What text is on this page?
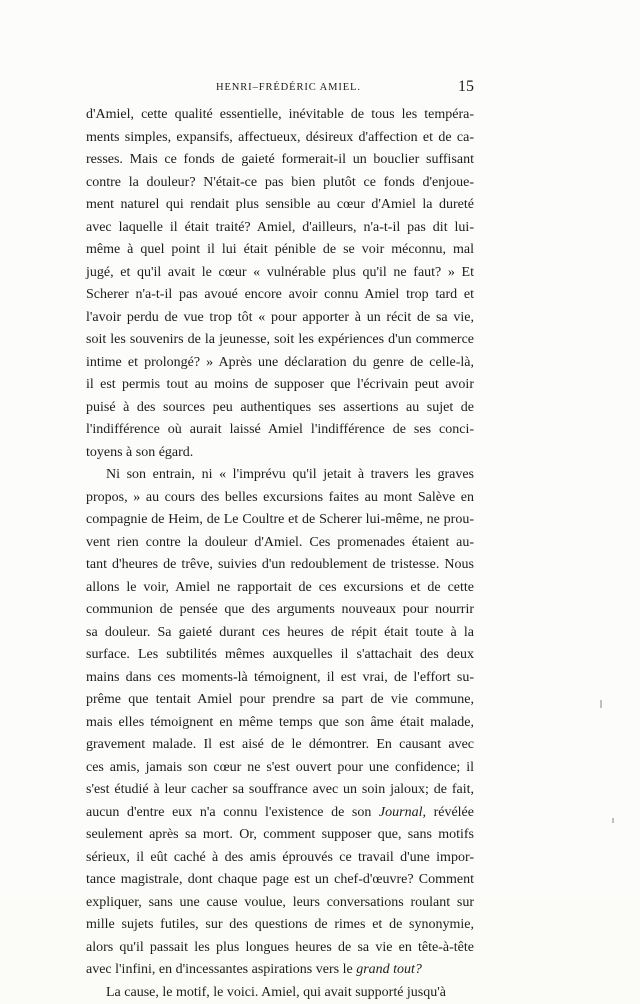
HENRI–FRÉDÉRIC AMIEL.	15
d'Amiel, cette qualité essentielle, inévitable de tous les tempéra-
ments simples, expansifs, affectueux, désireux d'affection et de ca-
resses. Mais ce fonds de gaieté formerait-il un bouclier suffisant
contre la douleur? N'était-ce pas bien plutôt ce fonds d'enjoue-
ment naturel qui rendait plus sensible au cœur d'Amiel la dureté
avec laquelle il était traité? Amiel, d'ailleurs, n'a-t-il pas dit lui-
même à quel point il lui était pénible de se voir méconnu, mal
jugé, et qu'il avait le cœur « vulnérable plus qu'il ne faut? » Et
Scherer n'a-t-il pas avoué encore avoir connu Amiel trop tard et
l'avoir perdu de vue trop tôt « pour apporter à un récit de sa vie,
soit les souvenirs de la jeunesse, soit les expériences d'un commerce
intime et prolongé? » Après une déclaration du genre de celle-là,
il est permis tout au moins de supposer que l'écrivain peut avoir
puisé à des sources peu authentiques ses assertions au sujet de
l'indifférence où aurait laissé Amiel l'indifférence de ses conci-
toyens à son égard.
Ni son entrain, ni « l'imprévu qu'il jetait à travers les graves
propos, » au cours des belles excursions faites au mont Salève en
compagnie de Heim, de Le Coultre et de Scherer lui-même, ne prou-
vent rien contre la douleur d'Amiel. Ces promenades étaient au-
tant d'heures de trêve, suivies d'un redoublement de tristesse. Nous
allons le voir, Amiel ne rapportait de ces excursions et de cette
communion de pensée que des arguments nouveaux pour nourrir
sa douleur. Sa gaieté durant ces heures de répit était toute à la
surface. Les subtilités mêmes auxquelles il s'attachait des deux
mains dans ces moments-là témoignent, il est vrai, de l'effort su-
prême que tentait Amiel pour prendre sa part de vie commune,
mais elles témoignent en même temps que son âme était malade,
gravement malade. Il est aisé de le démontrer. En causant avec
ces amis, jamais son cœur ne s'est ouvert pour une confidence; il
s'est étudié à leur cacher sa souffrance avec un soin jaloux; de fait,
aucun d'entre eux n'a connu l'existence de son Journal, révélée
seulement après sa mort. Or, comment supposer que, sans motifs
sérieux, il eût caché à des amis éprouvés ce travail d'une impor-
tance magistrale, dont chaque page est un chef-d'œuvre? Comment
expliquer, sans une cause voulue, leurs conversations roulant sur
mille sujets futiles, sur des questions de rimes et de synonymie,
alors qu'il passait les plus longues heures de sa vie en tête-à-tête
avec l'infini, en d'incessantes aspirations vers le grand tout?
La cause, le motif, le voici. Amiel, qui avait supporté jusqu'à
